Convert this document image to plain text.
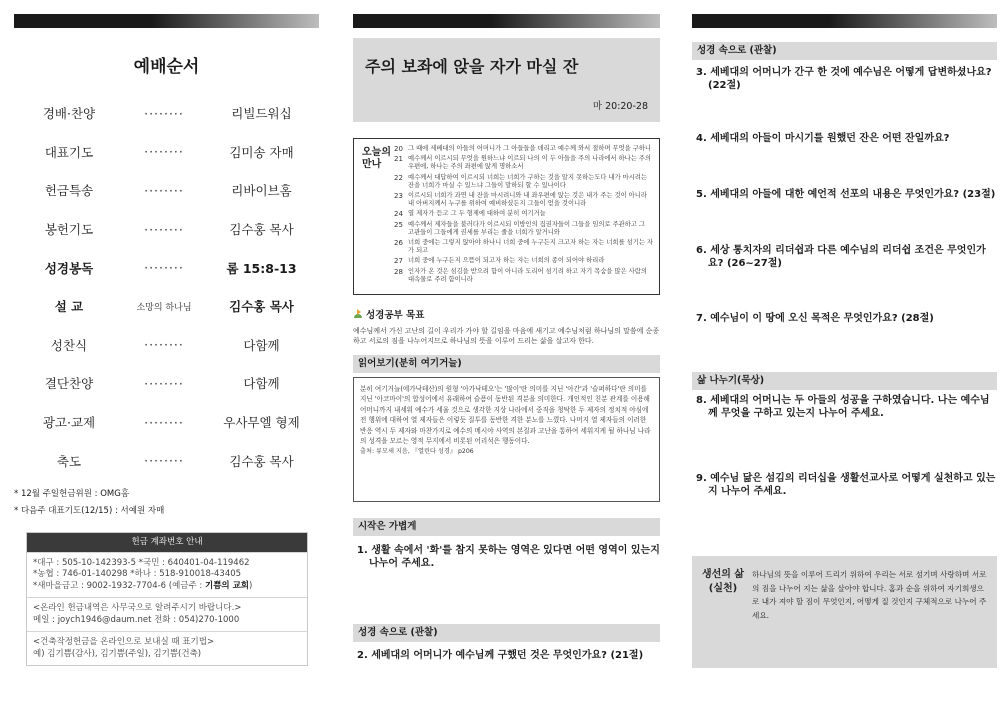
예배순서
경배·찬양	········	리빌드워십
대표기도	········	김미송 자매
헌금특송	········	리바이브홈
봉헌기도	········	김수홍 목사
성경봉독	········	롬 15:8-13
설 교	소망의 하나님	김수홍 목사
성찬식	········	다함께
결단찬양	········	다함께
광고·교제	········	우사무엘 형제
축도	········	김수홍 목사
* 12월 주일헌금위원 : OMG홈
* 다음주 대표기도(12/15) : 서예원 자매
헌금 계좌번호 안내
*대구 : 505-10-142393-5 *국민 : 640401-04-119462
*농협 : 746-01-140298 *하나 : 518-910018-43405
*새마을금고 : 9002-1932-7704-6 (예금주 : 기쁨의 교회)
<온라인 헌금내역은 사무국으로 알려주시기 바랍니다.>
메일 : joych1946@daum.net 전화 : 054)270-1000
<건축작정헌금을 온라인으로 보내실 때 표기법>
예) 김기쁨(감사), 김기쁨(주일), 김기쁨(건축)
주의 보좌에 앉을 자가 마실 잔
마 20:20-28
오늘의
만나
20 그 때에 세베대의 아들의 어머니가 그 아들들을 데리고 예수께 와서 절하며 무엇을 구하니
21 예수께서 이르시되 무엇을 원하느냐 이르되 나의 이 두 아들을 주의 나라에서 하나는 주의 우편에, 하나는 주의 좌편에 앉게 명하소서
22 예수께서 대답하여 이르시되 너희는 너희가 구하는 것을 알지 못하는도다 내가 마시려는 잔을 너희가 마실 수 있느냐 그들이 말하되 할 수 있나이다
23 이르시되 너희가 과연 내 잔을 마시려니와 내 좌우편에 앉는 것은 내가 주는 것이 아니라 내 아버지께서 누구를 위하여 예비하셨든지 그들이 얻을 것이니라
24 열 제자가 듣고 그 두 형제에 대하여 분히 여기거늘
25 예수께서 제자들을 불러다가 이르시되 이방인의 집권자들이 그들을 임의로 주관하고 그 고관들이 그들에게 권세를 부리는 줄을 너희가 알거니와
26 너희 중에는 그렇지 않아야 하나니 너희 중에 누구든지 크고자 하는 자는 너희를 섬기는 자가 되고
27 너희 중에 누구든지 으뜸이 되고자 하는 자는 너희의 종이 되어야 하리라
28 인자가 온 것은 섬김을 받으려 함이 아니라 도리어 섬기려 하고 자기 목숨을 많은 사람의 대속물로 주려 함이니라
성경공부 목표
예수님께서 가신 고난의 길이 우리가 가야 할 길임을 마음에 새기고 예수님처럼 하나님의 말씀에 순종하고 서로의 짐을 나누어지므로 하나님의 뜻을 이루어 드리는 삶을 살고자 한다.
읽어보기(분히 여기거늘)
분히 여기거늘(에가낙테산)의 원형 '아가낙테오'는 '많이'란 의미를 지닌 '아간'과 '슬퍼하다'란 의미를 지닌 '아코마이'의 합성어에서 유래하여 슬픔이 동반된 격분을 의미한다. 개인적인 친분 관계를 이용해 어머니까지 내세워 예수가 세울 것으로 생각한 지상 나라에서 중직을 청탁한 두 제자의 정치적 야심에 전 행위에 대하여 열 제자들은 이렇듯 질투를 동반한 격한 분노를 느꼈다. 나머지 열 제자들의 이러한 반응 역시 두 제자와 마찬가지로 예수의 메시야 사역의 본질과 고난을 통하여 세워지게 될 하나님 나라의 성격을 모르는 영적 무지에서 비롯된 어리석은 행동이다.
출처: 류모세 지음, 『열린다 성경』 p206
시작은 가볍게
1. 생활 속에서 '화'를 참지 못하는 영역은 있다면 어떤 영역이 있는지 나누어 주세요.
성경 속으로 (관찰)
2. 세베대의 어머니가 예수님께 구했던 것은 무엇인가요? (21절)
성경 속으로 (관찰)
3. 세베대의 어머니가 간구 한 것에 예수님은 어떻게 답변하셨나요? (22절)
4. 세베대의 아들이 마시기를 원했던 잔은 어떤 잔일까요?
5. 세베대의 아들에 대한 예언적 선포의 내용은 무엇인가요? (23절)
6. 세상 통치자의 리더쉽과 다른 예수님의 리더쉽 조건은 무엇인가요? (26~27절)
7. 예수님이 이 땅에 오신 목적은 무엇인가요? (28절)
삶 나누기(묵상)
8. 세베대의 어머니는 두 아들의 성공을 구하였습니다. 나는 예수님께 무엇을 구하고 있는지 나누어 주세요.
9. 예수님 닮은 섬김의 리더십을 생활선교사로 어떻게 실천하고 있는지 나누어 주세요.
생선의 삶
(실천)
하나님의 뜻을 이루어 드리기 위하여 우리는 서로 섬기며 사랑하며 서로의 짐을 나누어 지는 삶을 살아야 합니다. 홈과 순을 위하여 자기희생으로 내가 져야 할 짐이 무엇인지, 어떻게 질 것인지 구체적으로 나누어 주세요.
